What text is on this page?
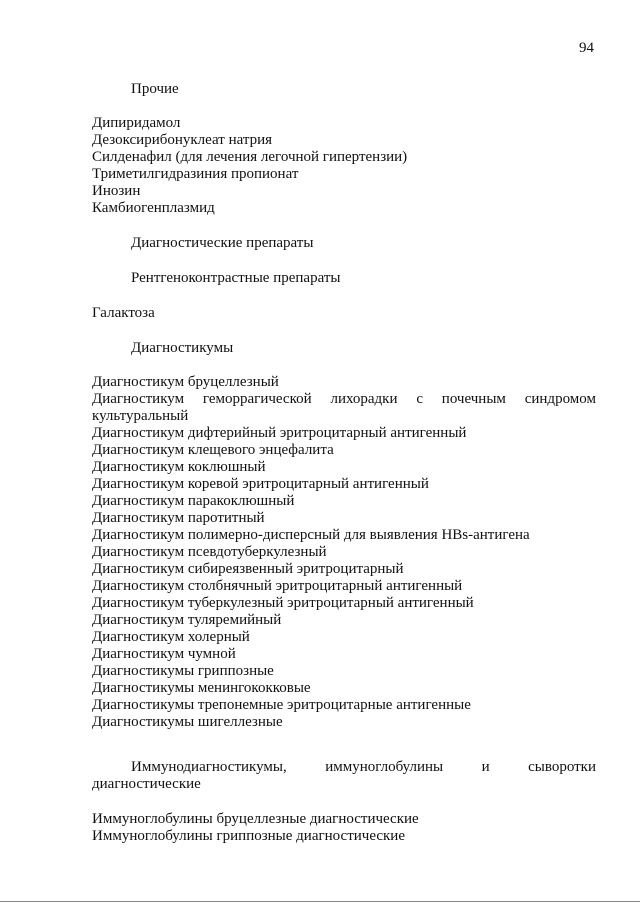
94
Прочие
Дипиридамол
Дезоксирибонуклеат натрия
Силденафил (для лечения легочной гипертензии)
Триметилгидразиния пропионат
Инозин
Камбиогенплазмид
Диагностические препараты
Рентгеноконтрастные препараты
Галактоза
Диагностикумы
Диагностикум бруцеллезный
Диагностикум геморрагической лихорадки с почечным синдромом
культуральный
Диагностикум дифтерийный эритроцитарный антигенный
Диагностикум клещевого энцефалита
Диагностикум коклюшный
Диагностикум коревой эритроцитарный антигенный
Диагностикум паракоклюшный
Диагностикум паротитный
Диагностикум полимерно-дисперсный для выявления HBs-антигена
Диагностикум псевдотуберкулезный
Диагностикум сибиреязвенный эритроцитарный
Диагностикум столбнячный эритроцитарный антигенный
Диагностикум туберкулезный эритроцитарный антигенный
Диагностикум туляремийный
Диагностикум холерный
Диагностикум чумной
Диагностикумы гриппозные
Диагностикумы менингококковые
Диагностикумы трепонемные эритроцитарные антигенные
Диагностикумы шигеллезные
Иммунодиагностикумы,	иммуноглобулины	и	сыворотки
диагностические
Иммуноглобулины бруцеллезные диагностические
Иммуноглобулины гриппозные диагностические
